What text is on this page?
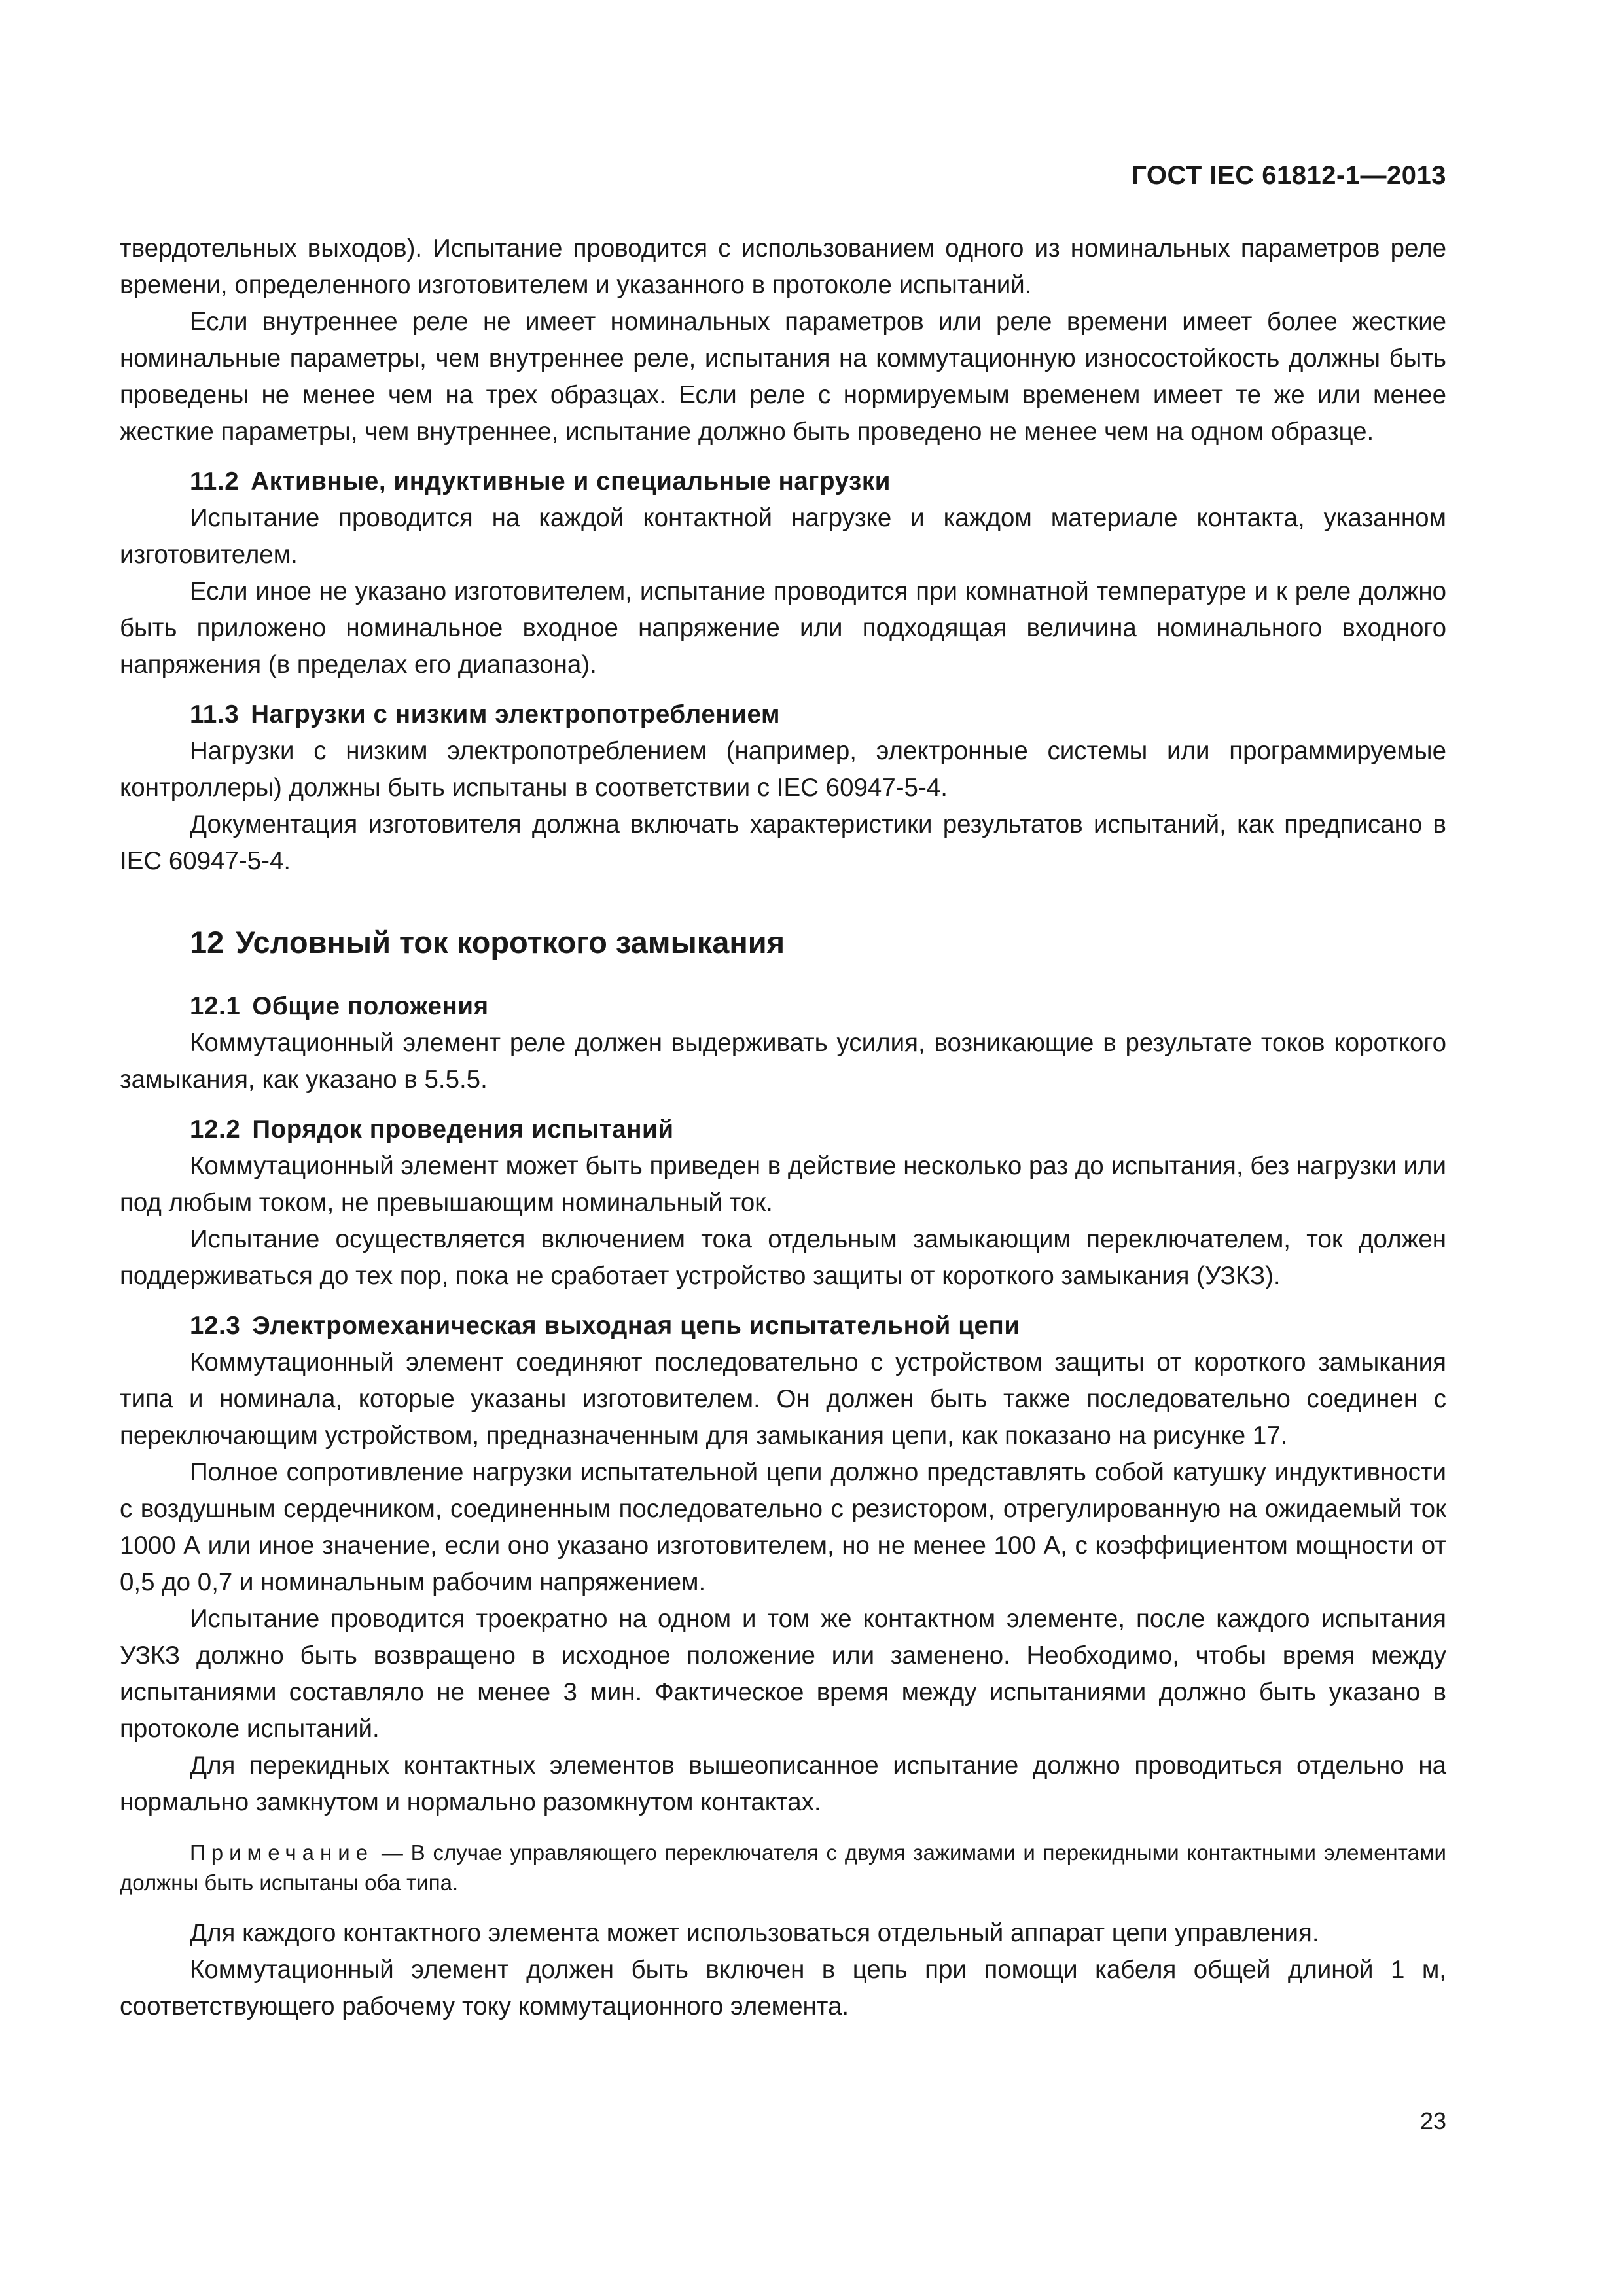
ГОСТ IEC 61812-1—2013

твердотельных выходов). Испытание проводится с использованием одного из номинальных параметров реле времени, определенного изготовителем и указанного в протоколе испытаний.

Если внутреннее реле не имеет номинальных параметров или реле времени имеет более жесткие номинальные параметры, чем внутреннее реле, испытания на коммутационную износостойкость должны быть проведены не менее чем на трех образцах. Если реле с нормируемым временем имеет те же или менее жесткие параметры, чем внутреннее, испытание должно быть проведено не менее чем на одном образце.

11.2 Активные, индуктивные и специальные нагрузки

Испытание проводится на каждой контактной нагрузке и каждом материале контакта, указанном изготовителем.

Если иное не указано изготовителем, испытание проводится при комнатной температуре и к реле должно быть приложено номинальное входное напряжение или подходящая величина номинального входного напряжения (в пределах его диапазона).

11.3 Нагрузки с низким электропотреблением

Нагрузки с низким электропотреблением (например, электронные системы или программируемые контроллеры) должны быть испытаны в соответствии с IEC 60947-5-4.

Документация изготовителя должна включать характеристики результатов испытаний, как предписано в IEC 60947-5-4.

12 Условный ток короткого замыкания
12.1 Общие положения

Коммутационный элемент реле должен выдерживать усилия, возникающие в результате токов короткого замыкания, как указано в 5.5.5.

12.2 Порядок проведения испытаний

Коммутационный элемент может быть приведен в действие несколько раз до испытания, без нагрузки или под любым током, не превышающим номинальный ток.

Испытание осуществляется включением тока отдельным замыкающим переключателем, ток должен поддерживаться до тех пор, пока не сработает устройство защиты от короткого замыкания (УЗКЗ).

12.3 Электромеханическая выходная цепь испытательной цепи

Коммутационный элемент соединяют последовательно с устройством защиты от короткого замыкания типа и номинала, которые указаны изготовителем. Он должен быть также последовательно соединен с переключающим устройством, предназначенным для замыкания цепи, как показано на рисунке 17.

Полное сопротивление нагрузки испытательной цепи должно представлять собой катушку индуктивности с воздушным сердечником, соединенным последовательно с резистором, отрегулированную на ожидаемый ток 1000 А или иное значение, если оно указано изготовителем, но не менее 100 А, с коэффициентом мощности от 0,5 до 0,7 и номинальным рабочим напряжением.

Испытание проводится троекратно на одном и том же контактном элементе, после каждого испытания УЗКЗ должно быть возвращено в исходное положение или заменено. Необходимо, чтобы время между испытаниями составляло не менее 3 мин. Фактическое время между испытаниями должно быть указано в протоколе испытаний.

Для перекидных контактных элементов вышеописанное испытание должно проводиться отдельно на нормально замкнутом и нормально разомкнутом контактах.

Примечание — В случае управляющего переключателя с двумя зажимами и перекидными контактными элементами должны быть испытаны оба типа.

Для каждого контактного элемента может использоваться отдельный аппарат цепи управления.

Коммутационный элемент должен быть включен в цепь при помощи кабеля общей длиной 1 м, соответствующего рабочему току коммутационного элемента.

23
